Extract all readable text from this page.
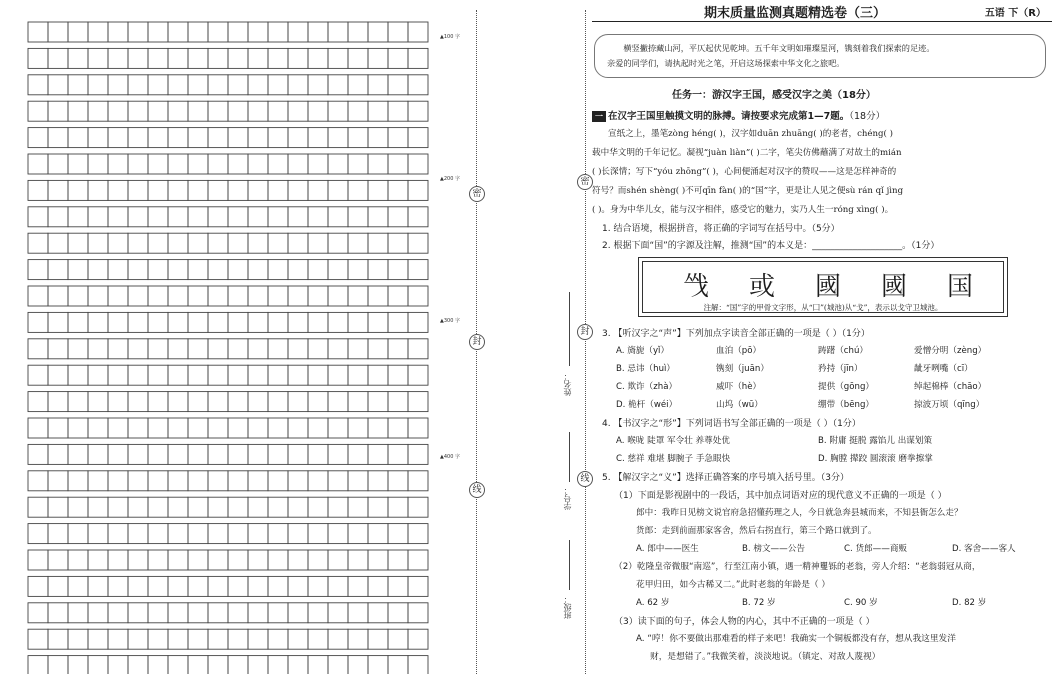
▲100 字
▲200 字
▲300 字
▲400 字
密
封
线
密
封
线
姓名：
学号：
班级：
期末质量监测真题精选卷（三）	五语 下（R）
横竖撇捺藏山河，平仄起伏见乾坤。五千年文明如璀璨星河，镌刻着我们探索的足迹。
亲爱的同学们，请执起时光之笔，开启这场探索中华文化之旅吧。
任务一：游汉字王国，感受汉字之美（18分）
一 在汉字王国里触摸文明的脉搏。请按要求完成第1—7题。（18分）
宣纸之上，墨笔zòng héng( )，汉字如duān zhuāng( )的老者，chéng( )
载中华文明的千年记忆。凝视“juàn liàn”( )二字，笔尖仿佛蘸满了对故土的mián
( )长深情；写下“yóu zhōng”( )，心间便涌起对汉字的赞叹——这是怎样神奇的
符号？而shén shèng( )不可qīn fàn( )的“国”字，更是让人见之便sù rán qǐ jìng
( )。身为中华儿女，能与汉字相伴，感受它的魅力，实乃人生一róng xìng( )。
1. 结合语境，根据拼音，将正确的字词写在括号中。（5分）
2. 根据下面“国”的字源及注解，推测“国”的本义是：____________________。（1分）
㦰 或 國 國 国
注解：“国”字的甲骨文字形，从“囗”(城池)从“戈”，表示以戈守卫城池。
3. 【听汉字之“声”】下列加点字读音全部正确的一项是（ ）（1分）
A. 旖旎（yǐ）	血泊（pō）	踌躇（chú）	爱憎分明（zèng）
B. 忌讳（huì）	镌刻（juān）	矜持（jīn）	龇牙咧嘴（cī）
C. 欺诈（zhà）	威吓（hè）	提供（gōng）	绰起棉棒（chāo）
D. 桅杆（wéi）	山坞（wū）	绷带（bēng）	掠波万顷（qīng）
4. 【书汉字之“形”】下列词语书写全部正确的一项是（ ）（1分）
A. 喉咙 陡罩 军令壮 养尊处优	B. 附庸 挺脱 露馅儿 出谋划策
C. 慈祥 难堪 脚腕子 手急眼快	D. 胸膛 撵跤 圆滚滚 磨拳擦掌
5. 【解汉字之“义”】选择正确答案的序号填入括号里。（3分）
（1）下面是影视剧中的一段话，其中加点词语对应的现代意义不正确的一项是（ ）
郎中：我昨日见榜文说官府急招懂药理之人，今日就急奔县城而来，不知县衙怎么走？
货郎：走到前面那家客舍，然后右拐直行，第三个路口就到了。
A. 郎中——医生	B. 榜文——公告	C. 货郎——商贩	D. 客舍——客人
（2）乾隆皇帝微服“南巡”，行至江南小镇，遇一精神矍铄的老翁，旁人介绍：“老翁弱冠从商，
花甲归田，如今古稀又二。”此时老翁的年龄是（ ）
A. 62 岁	B. 72 岁	C. 90 岁	D. 82 岁
（3）读下面的句子，体会人物的内心，其中不正确的一项是（ ）
A. “哼！你不要做出那难看的样子来吧！我确实一个铜板都没有存，想从我这里发洋
财，是想错了。”我微笑着，淡淡地说。（镇定、对敌人蔑视）
